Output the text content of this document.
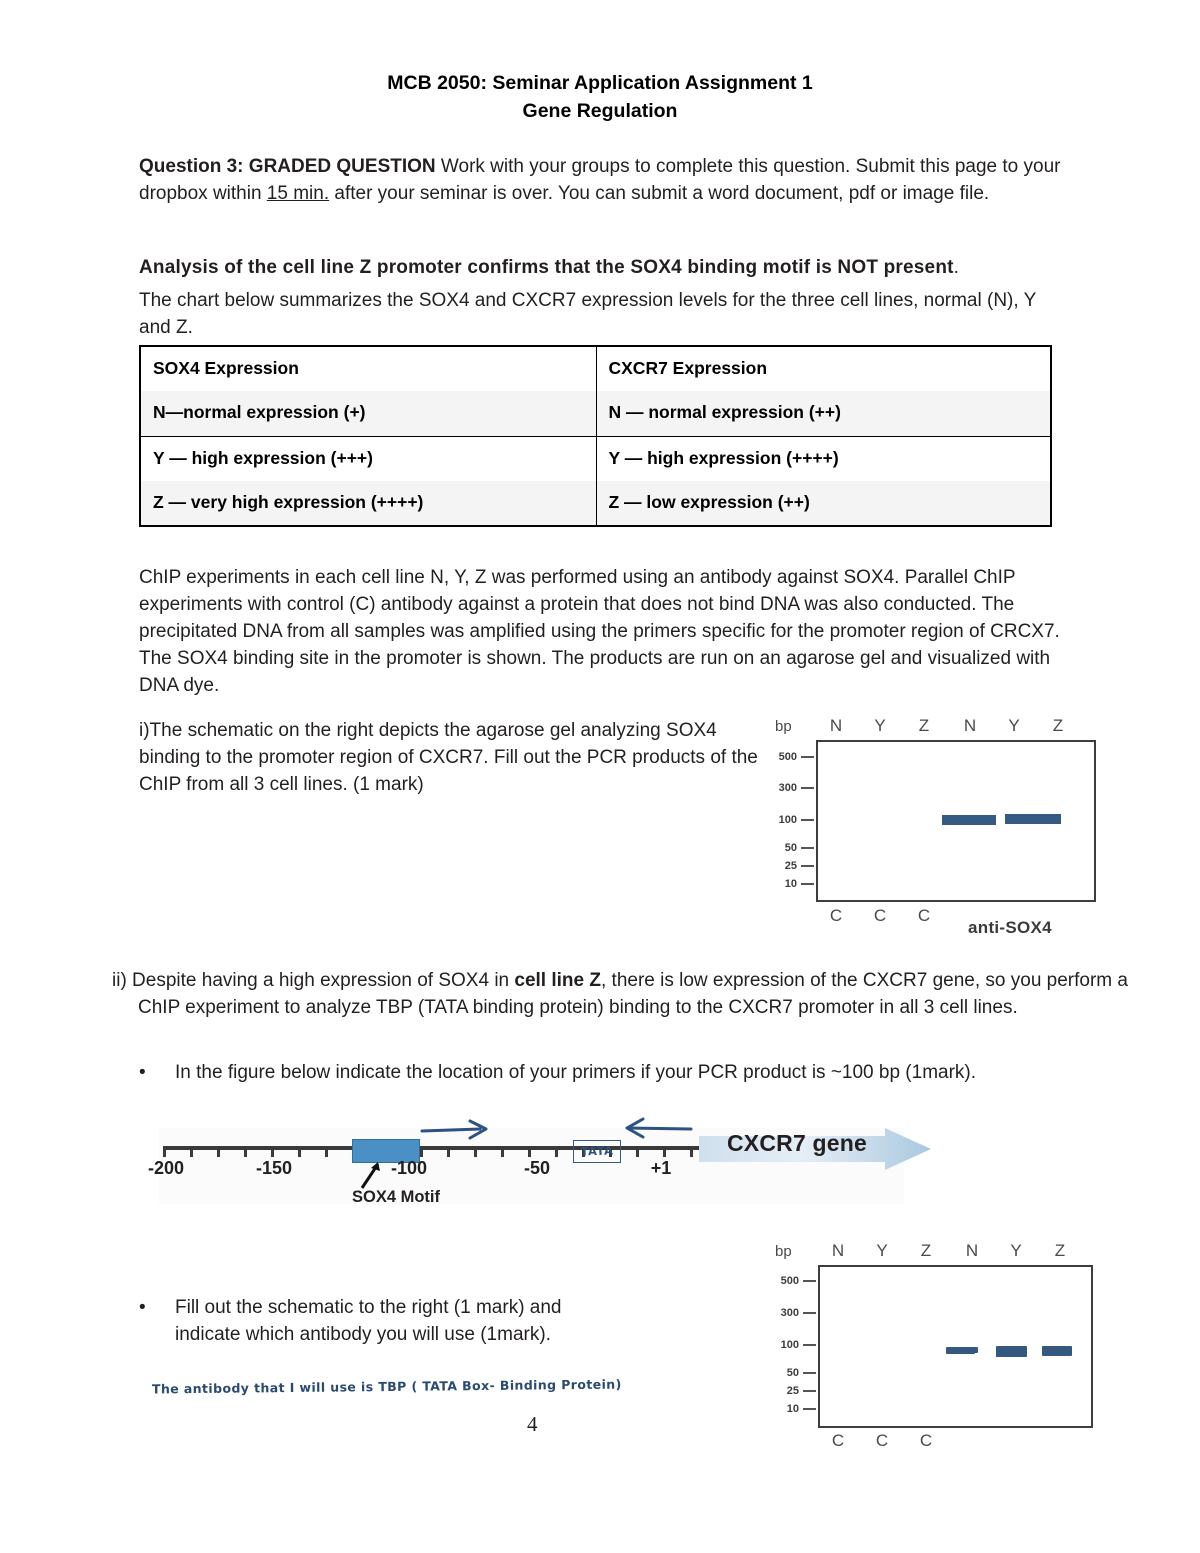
MCB 2050: Seminar Application Assignment 1
Gene Regulation
Question 3: GRADED QUESTION Work with your groups to complete this question. Submit this page to your dropbox within 15 min. after your seminar is over. You can submit a word document, pdf or image file.
Analysis of the cell line Z promoter confirms that the SOX4 binding motif is NOT present.
The chart below summarizes the SOX4 and CXCR7 expression levels for the three cell lines, normal (N), Y and Z.
SOX4 Expression	CXCR7 Expression
N—normal expression (+)	N — normal expression (++)
Y — high expression (+++)	Y — high expression (++++)
Z — very high expression (++++)	Z — low expression (++)
ChIP experiments in each cell line N, Y, Z was performed using an antibody against SOX4. Parallel ChIP experiments with control (C) antibody against a protein that does not bind DNA was also conducted. The precipitated DNA from all samples was amplified using the primers specific for the promoter region of CRCX7. The SOX4 binding site in the promoter is shown. The products are run on an agarose gel and visualized with DNA dye.
i)The schematic on the right depicts the agarose gel analyzing SOX4 binding to the promoter region of CXCR7. Fill out the PCR products of the ChIP from all 3 cell lines. (1 mark)
bp	N	Y	Z	N	Y	Z
500
300
100
50
25
10
C	C	C
anti-SOX4
ii) Despite having a high expression of SOX4 in cell line Z, there is low expression of the CXCR7 gene, so you perform a ChIP experiment to analyze TBP (TATA binding protein) binding to the CXCR7 promoter in all 3 cell lines.
• In the figure below indicate the location of your primers if your PCR product is ~100 bp (1mark).
SOX4 Motif
-200	-150	-100	-50	+1
TATA	CXCR7 gene
• Fill out the schematic to the right (1 mark) and indicate which antibody you will use (1mark).
The antibody that I will use is TBP ( TATA Box- Binding Protein)
4
bp	N	Y	Z	N	Y	Z
500
300
100
50
25
10
C	C	C
